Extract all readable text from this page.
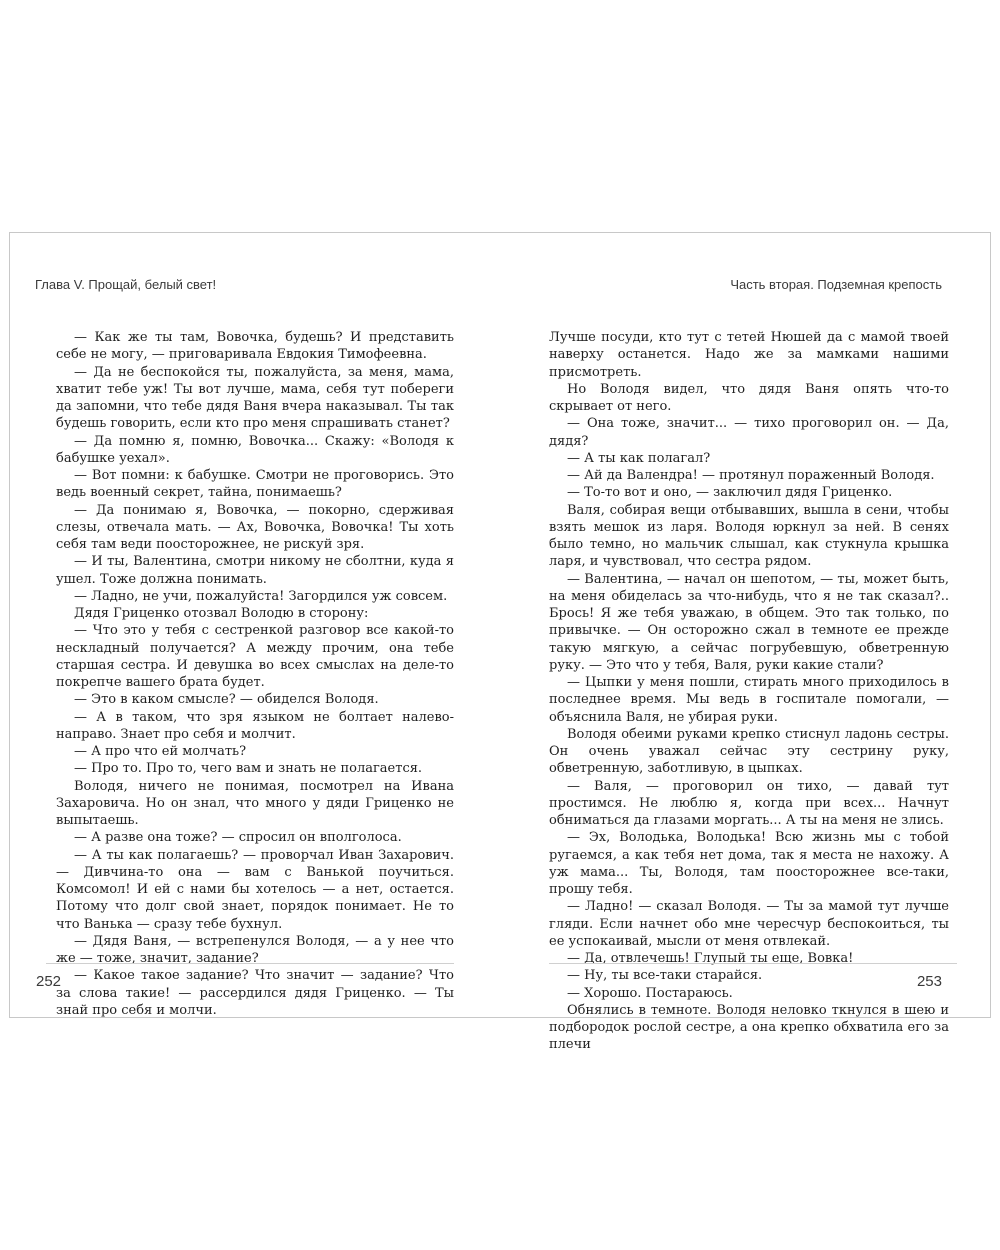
Глава V. Прощай, белый свет!

— Как же ты там, Вовочка, будешь? И представить себе не могу, — приговаривала Евдокия Тимофеевна.

— Да не беспокойся ты, пожалуйста, за меня, мама, хватит тебе уж! Ты вот лучше, мама, себя тут побереги да запомни, что тебе дядя Ваня вчера наказывал. Ты так будешь говорить, если кто про меня спрашивать станет?

— Да помню я, помню, Вовочка... Скажу: «Володя к бабушке уехал».

— Вот помни: к бабушке. Смотри не проговорись. Это ведь военный секрет, тайна, понимаешь?

— Да понимаю я, Вовочка, — покорно, сдерживая слезы, отвечала мать. — Ах, Вовочка, Вовочка! Ты хоть себя там веди поосторожнее, не рискуй зря.

— И ты, Валентина, смотри никому не сболтни, куда я ушел. Тоже должна понимать.

— Ладно, не учи, пожалуйста! Загордился уж совсем.

Дядя Гриценко отозвал Володю в сторону:

— Что это у тебя с сестренкой разговор все какой-то нескладный получается? А между прочим, она тебе старшая сестра. И девушка во всех смыслах на деле-то покрепче вашего брата будет.

— Это в каком смысле? — обиделся Володя.

— А в таком, что зря языком не болтает налево-направо. Знает про себя и молчит.

— А про что ей молчать?

— Про то. Про то, чего вам и знать не полагается.

Володя, ничего не понимая, посмотрел на Ивана Захаровича. Но он знал, что много у дяди Гриценко не выпытаешь.

— А разве она тоже? — спросил он вполголоса.

— А ты как полагаешь? — проворчал Иван Захарович. — Дивчина-то она — вам с Ванькой поучиться. Комсомол! И ей с нами бы хотелось — а нет, остается. Потому что долг свой знает, порядок понимает. Не то что Ванька — сразу тебе бухнул.

— Дядя Ваня, — встрепенулся Володя, — а у нее что же — тоже, значит, задание?

— Какое такое задание? Что значит — задание? Что за слова такие! — рассердился дядя Гриценко. — Ты знай про себя и молчи.

252
Часть вторая. Подземная крепость

Лучше посуди, кто тут с тетей Нюшей да с мамой твоей наверху останется. Надо же за мамками нашими присмотреть.

Но Володя видел, что дядя Ваня опять что-то скрывает от него.

— Она тоже, значит... — тихо проговорил он. — Да, дядя?

— А ты как полагал?

— Ай да Валендра! — протянул пораженный Володя.

— То-то вот и оно, — заключил дядя Гриценко.

Валя, собирая вещи отбывавших, вышла в сени, чтобы взять мешок из ларя. Володя юркнул за ней. В сенях было темно, но мальчик слышал, как стукнула крышка ларя, и чувствовал, что сестра рядом.

— Валентина, — начал он шепотом, — ты, может быть, на меня обиделась за что-нибудь, что я не так сказал?.. Брось! Я же тебя уважаю, в общем. Это так только, по привычке. — Он осторожно сжал в темноте ее прежде такую мягкую, а сейчас погрубевшую, обветренную руку. — Это что у тебя, Валя, руки какие стали?

— Цыпки у меня пошли, стирать много приходилось в последнее время. Мы ведь в госпитале помогали, — объяснила Валя, не убирая руки.

Володя обеими руками крепко стиснул ладонь сестры. Он очень уважал сейчас эту сестрину руку, обветренную, заботливую, в цыпках.

— Валя, — проговорил он тихо, — давай тут простимся. Не люблю я, когда при всех... Начнут обниматься да глазами моргать... А ты на меня не злись.

— Эх, Володька, Володька! Всю жизнь мы с тобой ругаемся, а как тебя нет дома, так я места не нахожу. А уж мама... Ты, Володя, там поосторожнее все-таки, прошу тебя.

— Ладно! — сказал Володя. — Ты за мамой тут лучше гляди. Если начнет обо мне чересчур беспокоиться, ты ее успокаивай, мысли от меня отвлекай.

— Да, отвлечешь! Глупый ты еще, Вовка!

— Ну, ты все-таки старайся.

— Хорошо. Постараюсь.

Обнялись в темноте. Володя неловко ткнулся в шею и подбородок рослой сестре, а она крепко обхватила его за плечи

253
